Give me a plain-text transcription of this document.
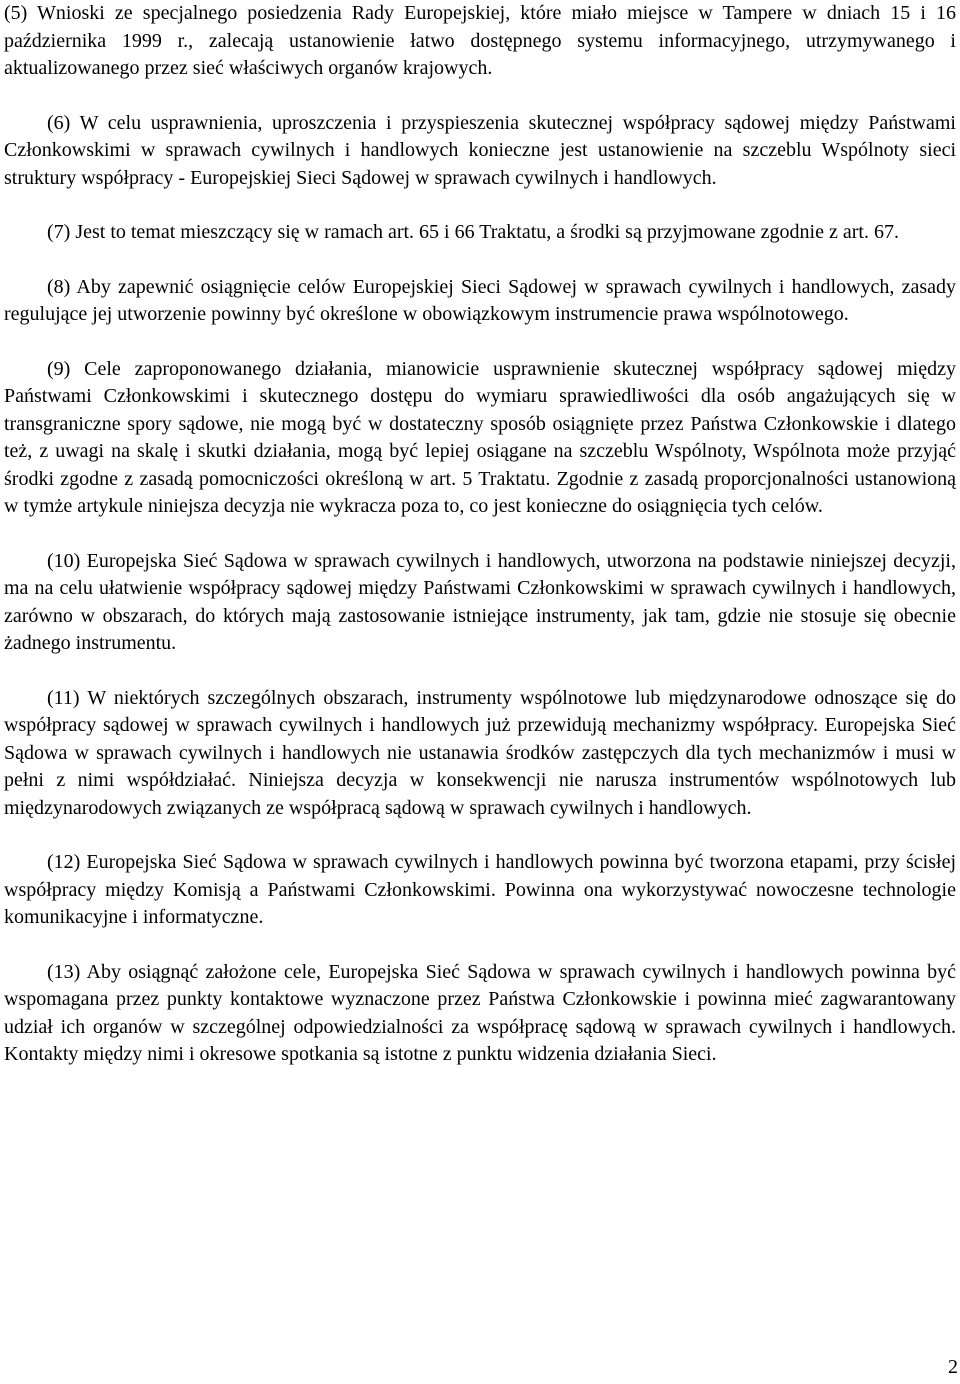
(5) Wnioski ze specjalnego posiedzenia Rady Europejskiej, które miało miejsce w Tampere w dniach 15 i 16 października 1999 r., zalecają ustanowienie łatwo dostępnego systemu informacyjnego, utrzymywanego i aktualizowanego przez sieć właściwych organów krajowych.

(6) W celu usprawnienia, uproszczenia i przyspieszenia skutecznej współpracy sądowej między Państwami Członkowskimi w sprawach cywilnych i handlowych konieczne jest ustanowienie na szczeblu Wspólnoty sieci struktury współpracy - Europejskiej Sieci Sądowej w sprawach cywilnych i handlowych.

(7) Jest to temat mieszczący się w ramach art. 65 i 66 Traktatu, a środki są przyjmowane zgodnie z art. 67.

(8) Aby zapewnić osiągnięcie celów Europejskiej Sieci Sądowej w sprawach cywilnych i handlowych, zasady regulujące jej utworzenie powinny być określone w obowiązkowym instrumencie prawa wspólnotowego.

(9) Cele zaproponowanego działania, mianowicie usprawnienie skutecznej współpracy sądowej między Państwami Członkowskimi i skutecznego dostępu do wymiaru sprawiedliwości dla osób angażujących się w transgraniczne spory sądowe, nie mogą być w dostateczny sposób osiągnięte przez Państwa Członkowskie i dlatego też, z uwagi na skalę i skutki działania, mogą być lepiej osiągane na szczeblu Wspólnoty, Wspólnota może przyjąć środki zgodne z zasadą pomocniczości określoną w art. 5 Traktatu. Zgodnie z zasadą proporcjonalności ustanowioną w tymże artykule niniejsza decyzja nie wykracza poza to, co jest konieczne do osiągnięcia tych celów.

(10) Europejska Sieć Sądowa w sprawach cywilnych i handlowych, utworzona na podstawie niniejszej decyzji, ma na celu ułatwienie współpracy sądowej między Państwami Członkowskimi w sprawach cywilnych i handlowych, zarówno w obszarach, do których mają zastosowanie istniejące instrumenty, jak tam, gdzie nie stosuje się obecnie żadnego instrumentu.

(11) W niektórych szczególnych obszarach, instrumenty wspólnotowe lub międzynarodowe odnoszące się do współpracy sądowej w sprawach cywilnych i handlowych już przewidują mechanizmy współpracy. Europejska Sieć Sądowa w sprawach cywilnych i handlowych nie ustanawia środków zastępczych dla tych mechanizmów i musi w pełni z nimi współdziałać. Niniejsza decyzja w konsekwencji nie narusza instrumentów wspólnotowych lub międzynarodowych związanych ze współpracą sądową w sprawach cywilnych i handlowych.

(12) Europejska Sieć Sądowa w sprawach cywilnych i handlowych powinna być tworzona etapami, przy ścisłej współpracy między Komisją a Państwami Członkowskimi. Powinna ona wykorzystywać nowoczesne technologie komunikacyjne i informatyczne.

(13) Aby osiągnąć założone cele, Europejska Sieć Sądowa w sprawach cywilnych i handlowych powinna być wspomagana przez punkty kontaktowe wyznaczone przez Państwa Członkowskie i powinna mieć zagwarantowany udział ich organów w szczególnej odpowiedzialności za współpracę sądową w sprawach cywilnych i handlowych. Kontakty między nimi i okresowe spotkania są istotne z punktu widzenia działania Sieci.

2
